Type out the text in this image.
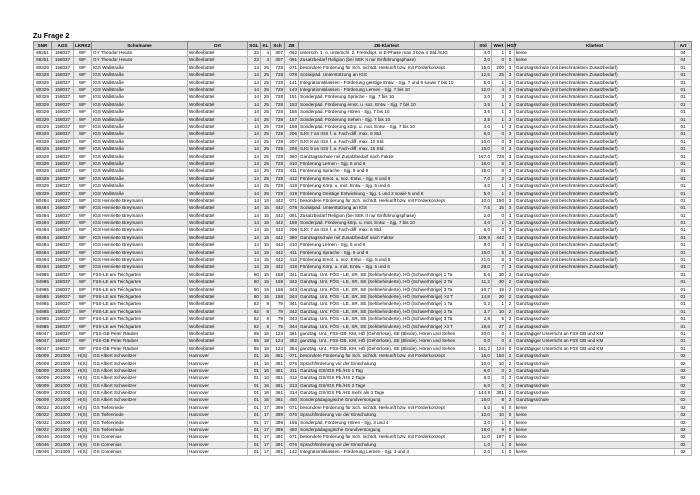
Zu Frage 2
SNR	AGS	LKRKZ	Schulname	Ort	SGL	KL	Sch	ZB	ZB-Klartext	Std	Wert	HGT	Klartext	Art
68251	158037	WF	GY Theodor Heuss	Wolfenbüttel	23	4	307	062	untersch. 1. o. unterschl. 2. Fremdspr. in E-Phase max 3 bzw 4 Std./SJG	4,0	1	0	keine	04
68251	158037	WF	GY Theodor Heuss	Wolfenbüttel	23	4	307	091	Zusatzbedarf Religion (bei SEK II nur Einführungsphase)	2,0	0	0	keine	04
80329	158037	WF	IGS Wallstraße	Wolfenbüttel	14	25	728	071	besondere Förderung für Sch. nichtdt. Herkunft bzw. mit Förderkonzept	15,0	200	3	Ganztagsschule (mit beschränktem Zusatzbedarf)	01
80329	158037	WF	IGS Wallstraße	Wolfenbüttel	14	25	728	078	Sozialpäd. Unterstützung an IGS	12,5	25	3	Ganztagsschule (mit beschränktem Zusatzbedarf)	01
80329	158037	WF	IGS Wallstraße	Wolfenbüttel	14	25	728	141	Integrationsklassen - Förderung geistige Entw. - Sjg. 7 und 8 sowie 7 bis 10	5,0	1	3	Ganztagsschule (mit beschränktem Zusatzbedarf)	01
80329	158037	WF	IGS Wallstraße	Wolfenbüttel	14	25	728	143	Integrationsklassen - Förderung Lernen - Sjg. 7 bis 10	12,0	4	3	Ganztagsschule (mit beschränktem Zusatzbedarf)	01
80329	158037	WF	IGS Wallstraße	Wolfenbüttel	14	25	728	151	Sonderpäd. Förderung Sprache - Sjg. 7 bis 10	3,0	3	3	Ganztagsschule (mit beschränktem Zusatzbedarf)	01
80329	158037	WF	IGS Wallstraße	Wolfenbüttel	14	25	728	153	Sonderpäd. Förderung emot. u. soz. Entw. - Sjg. 7 bis 10	3,5	1	3	Ganztagsschule (mit beschränktem Zusatzbedarf)	01
80329	158037	WF	IGS Wallstraße	Wolfenbüttel	14	25	728	155	Sonderpäd. Förderung Hören - Sjg. 7 bis 10	3,5	1	3	Ganztagsschule (mit beschränktem Zusatzbedarf)	01
80329	158037	WF	IGS Wallstraße	Wolfenbüttel	14	25	728	157	Sonderpäd. Förderung Sehen - Sjg. 7 bis 10	3,5	1	3	Ganztagsschule (mit beschränktem Zusatzbedarf)	01
80329	158037	WF	IGS Wallstraße	Wolfenbüttel	14	25	728	159	Sonderpäd. Förderung körp. u. mot. Entw. - Sjg. 7 bis 10	4,0	1	3	Ganztagsschule (mit beschränktem Zusatzbedarf)	01
80329	158037	WF	IGS Wallstraße	Wolfenbüttel	14	25	728	206	SJG 7 an IGS f. a. Fach-diff. max. 6 Std.	6,0	0	3	Ganztagsschule (mit beschränktem Zusatzbedarf)	01
80329	158037	WF	IGS Wallstraße	Wolfenbüttel	14	25	728	207	SJG 8 an IGS f. a. Fach-diff. max. 10 Std.	10,0	0	3	Ganztagsschule (mit beschränktem Zusatzbedarf)	01
80329	158037	WF	IGS Wallstraße	Wolfenbüttel	14	25	728	208	SJG 9 an IGS f. a. Fach-diff. max. 15 Std.	15,0	0	3	Ganztagsschule (mit beschränktem Zusatzbedarf)	01
80329	158037	WF	IGS Wallstraße	Wolfenbüttel	14	25	728	380	Ganztagsschule mit Zusatzbedarf nach Faktor	167,0	728	3	Ganztagsschule (mit beschränktem Zusatzbedarf)	01
80329	158037	WF	IGS Wallstraße	Wolfenbüttel	14	25	728	410	Förderung Lernen - Sjg. 5 und 6	18,0	6	3	Ganztagsschule (mit beschränktem Zusatzbedarf)	01
80329	158037	WF	IGS Wallstraße	Wolfenbüttel	14	25	728	411	Förderung Sprache - Sjg. 5 und 6	15,0	5	3	Ganztagsschule (mit beschränktem Zusatzbedarf)	01
80329	158037	WF	IGS Wallstraße	Wolfenbüttel	14	25	728	412	Förderung Emot. u. soz. Entw. - Sjg. 5 und 6	7,0	2	3	Ganztagsschule (mit beschränktem Zusatzbedarf)	01
80329	158037	WF	IGS Wallstraße	Wolfenbüttel	14	25	728	418	Förderung Körp. u. mot. Entw. - Sjg. 5 und 6	4,0	1	3	Ganztagsschule (mit beschränktem Zusatzbedarf)	01
80329	158037	WF	IGS Wallstraße	Wolfenbüttel	14	25	728	419	Förderung Geistige Entwicklung - Sjg. 1 und 2 sowie 5 und 6	5,0	1	3	Ganztagsschule (mit beschränktem Zusatzbedarf)	01
80494	158037	WF	IGS Henriette Breymann	Wolfenbüttel	14	15	442	071	besondere Förderung für Sch. nichtdt. Herkunft bzw. mit Förderkonzept	10,0	150	3	Ganztagsschule (mit beschränktem Zusatzbedarf)	01
80494	158037	WF	IGS Henriette Breymann	Wolfenbüttel	14	15	442	078	Sozialpäd. Unterstützung an IGS	7,5	15	3	Ganztagsschule (mit beschränktem Zusatzbedarf)	01
80494	158037	WF	IGS Henriette Breymann	Wolfenbüttel	14	15	442	091	Zusatzbedarf Religion (bei SEK II nur Einführungsphase)	2,0	0	3	Ganztagsschule (mit beschränktem Zusatzbedarf)	01
80494	158037	WF	IGS Henriette Breymann	Wolfenbüttel	14	15	442	159	Sonderpäd. Förderung körp. u. mot. Entw. - Sjg. 7 bis 10	4,0	1	3	Ganztagsschule (mit beschränktem Zusatzbedarf)	01
80494	158037	WF	IGS Henriette Breymann	Wolfenbüttel	14	15	442	206	SJG 7 an IGS f. a. Fach-diff. max. 6 Std.	6,0	0	3	Ganztagsschule (mit beschränktem Zusatzbedarf)	01
80494	158037	WF	IGS Henriette Breymann	Wolfenbüttel	14	15	442	380	Ganztagsschule mit Zusatzbedarf nach Faktor	109,9	442	3	Ganztagsschule (mit beschränktem Zusatzbedarf)	01
80494	158037	WF	IGS Henriette Breymann	Wolfenbüttel	14	15	442	410	Förderung Lernen - Sjg. 5 und 6	9,0	3	3	Ganztagsschule (mit beschränktem Zusatzbedarf)	01
80494	158037	WF	IGS Henriette Breymann	Wolfenbüttel	14	15	442	411	Förderung Sprache - Sjg. 5 und 6	15,0	5	3	Ganztagsschule (mit beschränktem Zusatzbedarf)	01
80494	158037	WF	IGS Henriette Breymann	Wolfenbüttel	14	15	442	412	Förderung Emot. u. soz. Entw. - Sjg. 5 und 6	21,0	6	3	Ganztagsschule (mit beschränktem Zusatzbedarf)	01
80494	158037	WF	IGS Henriette Breymann	Wolfenbüttel	14	15	442	418	Förderung Körp. u. mot. Entw. - Sjg. 5 und 6	28,0	7	3	Ganztagsschule (mit beschränktem Zusatzbedarf)	01
94985	158037	WF	FöS-LE am Teichgarten	Wolfenbüttel	60	15	158	341	Ganztag. Unt. FÖS - LE, SR, SE (Sehbehinderte), HÖ (Schwerhörige) 1 Ta	5,6	30	2	Ganztagsschule	01
94985	158037	WF	FöS-LE am Teichgarten	Wolfenbüttel	60	15	158	342	Ganztag. Unt. FÖS - LE, SR, SE (Sehbehinderte), HÖ (Schwerhörige) 2 Ta	11,2	30	2	Ganztagsschule	01
94985	158037	WF	FöS-LE am Teichgarten	Wolfenbüttel	60	15	158	343	Ganztag. Unt. FÖS - LE, SR, SE (Sehbehinderte), HÖ (Schwerhörige) 3 Ta	10,7	19	2	Ganztagsschule	01
94985	158037	WF	FöS-LE am Teichgarten	Wolfenbüttel	60	15	158	344	Ganztag. Unt. FÖS - LE, SR, SE (Sehbehinderte), HÖ (Schwerhörige) >3 T	14,8	20	2	Ganztagsschule	01
94985	158037	WF	FöS-LE am Teichgarten	Wolfenbüttel	62	8	79	341	Ganztag. Unt. FÖS - LE, SR, SE (Sehbehinderte), HÖ (Schwerhörige) 1 Ta	0,2	1	2	Ganztagsschule	01
94985	158037	WF	FöS-LE am Teichgarten	Wolfenbüttel	62	8	79	342	Ganztag. Unt. FÖS - LE, SR, SE (Sehbehinderte), HÖ (Schwerhörige) 2 Ta	3,7	10	2	Ganztagsschule	01
94985	158037	WF	FöS-LE am Teichgarten	Wolfenbüttel	62	8	79	343	Ganztag. Unt. FÖS - LE, SR, SE (Sehbehinderte), HÖ (Schwerhörige) 3 Ta	2,8	5	2	Ganztagsschule	01
94985	158037	WF	FöS-LE am Teichgarten	Wolfenbüttel	62	8	79	344	Ganztag. Unt. FÖS - LE, SR, SE (Sehbehinderte), HÖ (Schwerhörige) >3 T	19,8	27	2	Ganztagsschule	01
95047	158037	WF	FöS-GB Peter Räuber	Wolfenbüttel	65	18	124	361	ganztäg. Unt., FöS-GB, KM, HÖ (Gehörlose), SE (Blinde), Hören und Sehen	20,0	0	4	Ganztägiger Unterricht an FöS GB und KM	01
95047	158037	WF	FöS-GB Peter Räuber	Wolfenbüttel	65	18	124	362	ganztäg. Unt., FöS-GB, KM, HÖ (Gehörlose), SE (Blinde), Hören und Sehen	0,0	0	4	Ganztägiger Unterricht an FöS GB und KM	01
95047	158037	WF	FöS-GB Peter Räuber	Wolfenbüttel	65	18	124	364	ganztäg. Unt., FöS-GB, KM, HÖ (Gehörlose), SE (Blinde), Hören und Sehen	161,2	124	0	Ganztägiger Unterricht an FöS GB und KM	01
05009	201000	H(S)	GS Albert Schweitzer	Hannover	01	16	361	071	besondere Förderung für Sch. nichtdt. Herkunft bzw. mit Förderkonzept	15,0	150	2	Ganztagsschule	02
05009	201000	H(S)	GS Albert Schweitzer	Hannover	01	16	361	076	Sprachförderung vor der Einschulung	10,0	10	2	Ganztagsschule	02
05009	201000	H(S)	GS Albert Schweitzer	Hannover	01	16	361	311	Ganztag GS/IGS Pb./HS 1 Tag	6,0	0	2	Ganztagsschule	02
05009	201000	H(S)	GS Albert Schweitzer	Hannover	01	16	361	312	Ganztag GS/IGS Pb./HS 2 Tage	6,0	0	2	Ganztagsschule	02
05009	201000	H(S)	GS Albert Schweitzer	Hannover	01	16	361	313	Ganztag GS/IGS Pb./HS 3 Tage	6,0	0	2	Ganztagsschule	02
05009	201000	H(S)	GS Albert Schweitzer	Hannover	01	16	361	314	Ganztag GS/IGS Pb./HS mehr als 3 Tage	144,8	361	2	Ganztagsschule	02
05009	201000	H(S)	GS Albert Schweitzer	Hannover	01	16	361	450	Sonderpädagogische Grundversorgung	16,0	8	2	Ganztagsschule	02
05022	201000	H(S)	GS Tiefenriede	Hannover	01	17	399	071	besondere Förderung für Sch. nichtdt. Herkunft bzw. mit Förderkonzept	5,0	6	0	keine	02
05022	201000	H(S)	GS Tiefenriede	Hannover	01	17	399	076	Sprachförderung vor der Einschulung	10,0	10	0	keine	02
05022	201000	H(S)	GS Tiefenriede	Hannover	01	17	399	155	Sonderpäd. Förderung Hören - Sjg. 3 und 4	3,0	1	0	keine	02
05022	201000	H(S)	GS Tiefenriede	Hannover	01	17	399	450	Sonderpädagogische Grundversorgung	18,0	9	0	keine	02
05046	201000	H(S)	GS Comenius	Hannover	01	17	391	071	besondere Förderung für Sch. nichtdt. Herkunft bzw. mit Förderkonzept	11,0	197	0	keine	02
05046	201000	H(S)	GS Comenius	Hannover	01	17	391	076	Sprachförderung vor der Einschulung	1,0	1	0	keine	02
05046	201000	H(S)	GS Comenius	Hannover	01	17	391	142	Integrationsklassen - Förderung Lernen - Sjg. 3 und 4	2,0	1	0	keine	02
